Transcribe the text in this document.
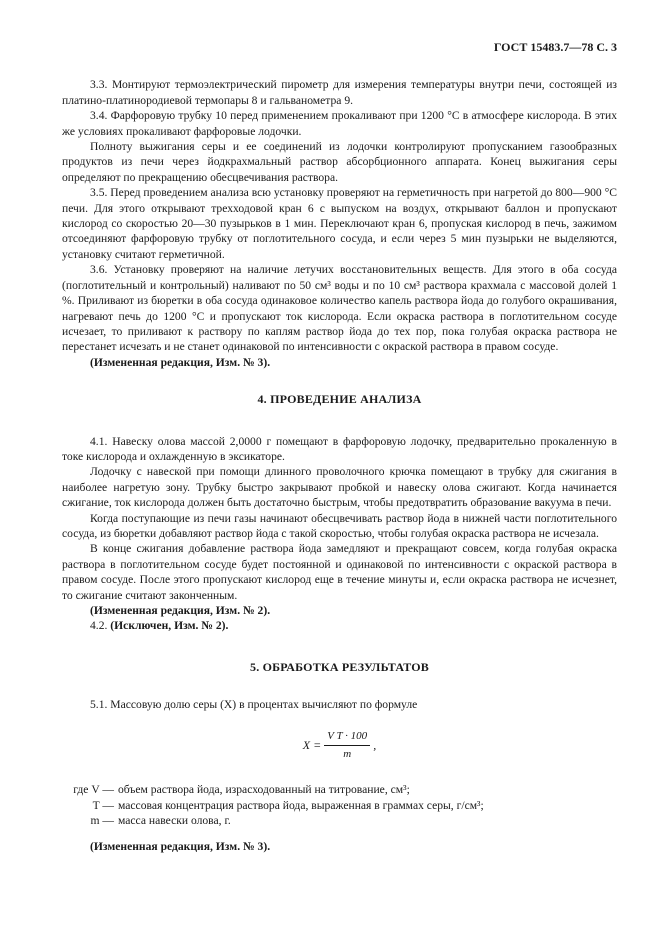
ГОСТ 15483.7—78 С. 3

3.3. Монтируют термоэлектрический пирометр для измерения температуры внутри печи, состоящей из платино-платинородиевой термопары 8 и гальванометра 9.

3.4. Фарфоровую трубку 10 перед применением прокаливают при 1200 °С в атмосфере кислорода. В этих же условиях прокаливают фарфоровые лодочки.

Полноту выжигания серы и ее соединений из лодочки контролируют пропусканием газообразных продуктов из печи через йодкрахмальный раствор абсорбционного аппарата. Конец выжигания серы определяют по прекращению обесцвечивания раствора.

3.5. Перед проведением анализа всю установку проверяют на герметичность при нагретой до 800—900 °С печи. Для этого открывают трехходовой кран 6 с выпуском на воздух, открывают баллон и пропускают кислород со скоростью 20—30 пузырьков в 1 мин. Переключают кран 6, пропуская кислород в печь, зажимом отсоединяют фарфоровую трубку от поглотительного сосуда, и если через 5 мин пузырьки не выделяются, установку считают герметичной.

3.6. Установку проверяют на наличие летучих восстановительных веществ. Для этого в оба сосуда (поглотительный и контрольный) наливают по 50 см³ воды и по 10 см³ раствора крахмала с массовой долей 1 %. Приливают из бюретки в оба сосуда одинаковое количество капель раствора йода до голубого окрашивания, нагревают печь до 1200 °С и пропускают ток кислорода. Если окраска раствора в поглотительном сосуде исчезает, то приливают к раствору по каплям раствор йода до тех пор, пока голубая окраска раствора не перестанет исчезать и не станет одинаковой по интенсивности с окраской раствора в правом сосуде.

(Измененная редакция, Изм. № 3).

4. ПРОВЕДЕНИЕ АНАЛИЗА

4.1. Навеску олова массой 2,0000 г помещают в фарфоровую лодочку, предварительно прокаленную в токе кислорода и охлажденную в эксикаторе.

Лодочку с навеской при помощи длинного проволочного крючка помещают в трубку для сжигания в наиболее нагретую зону. Трубку быстро закрывают пробкой и навеску олова сжигают. Когда начинается сжигание, ток кислорода должен быть достаточно быстрым, чтобы предотвратить образование вакуума в печи.

Когда поступающие из печи газы начинают обесцвечивать раствор йода в нижней части поглотительного сосуда, из бюретки добавляют раствор йода с такой скоростью, чтобы голубая окраска раствора не исчезала.

В конце сжигания добавление раствора йода замедляют и прекращают совсем, когда голубая окраска раствора в поглотительном сосуде будет постоянной и одинаковой по интенсивности с окраской раствора в правом сосуде. После этого пропускают кислород еще в течение минуты и, если окраска раствора не исчезнет, то сжигание считают законченным.

(Измененная редакция, Изм. № 2).

4.2. (Исключен, Изм. № 2).

5. ОБРАБОТКА РЕЗУЛЬТАТОВ

5.1. Массовую долю серы (X) в процентах вычисляют по формуле

$X = \frac{\text{V T · 100}}{m}$ ,
где V — объем раствора йода, израсходованный на титрование, см³;
T — массовая концентрация раствора йода, выраженная в граммах серы, г/см³;
m — масса навески олова, г.

(Измененная редакция, Изм. № 3).
